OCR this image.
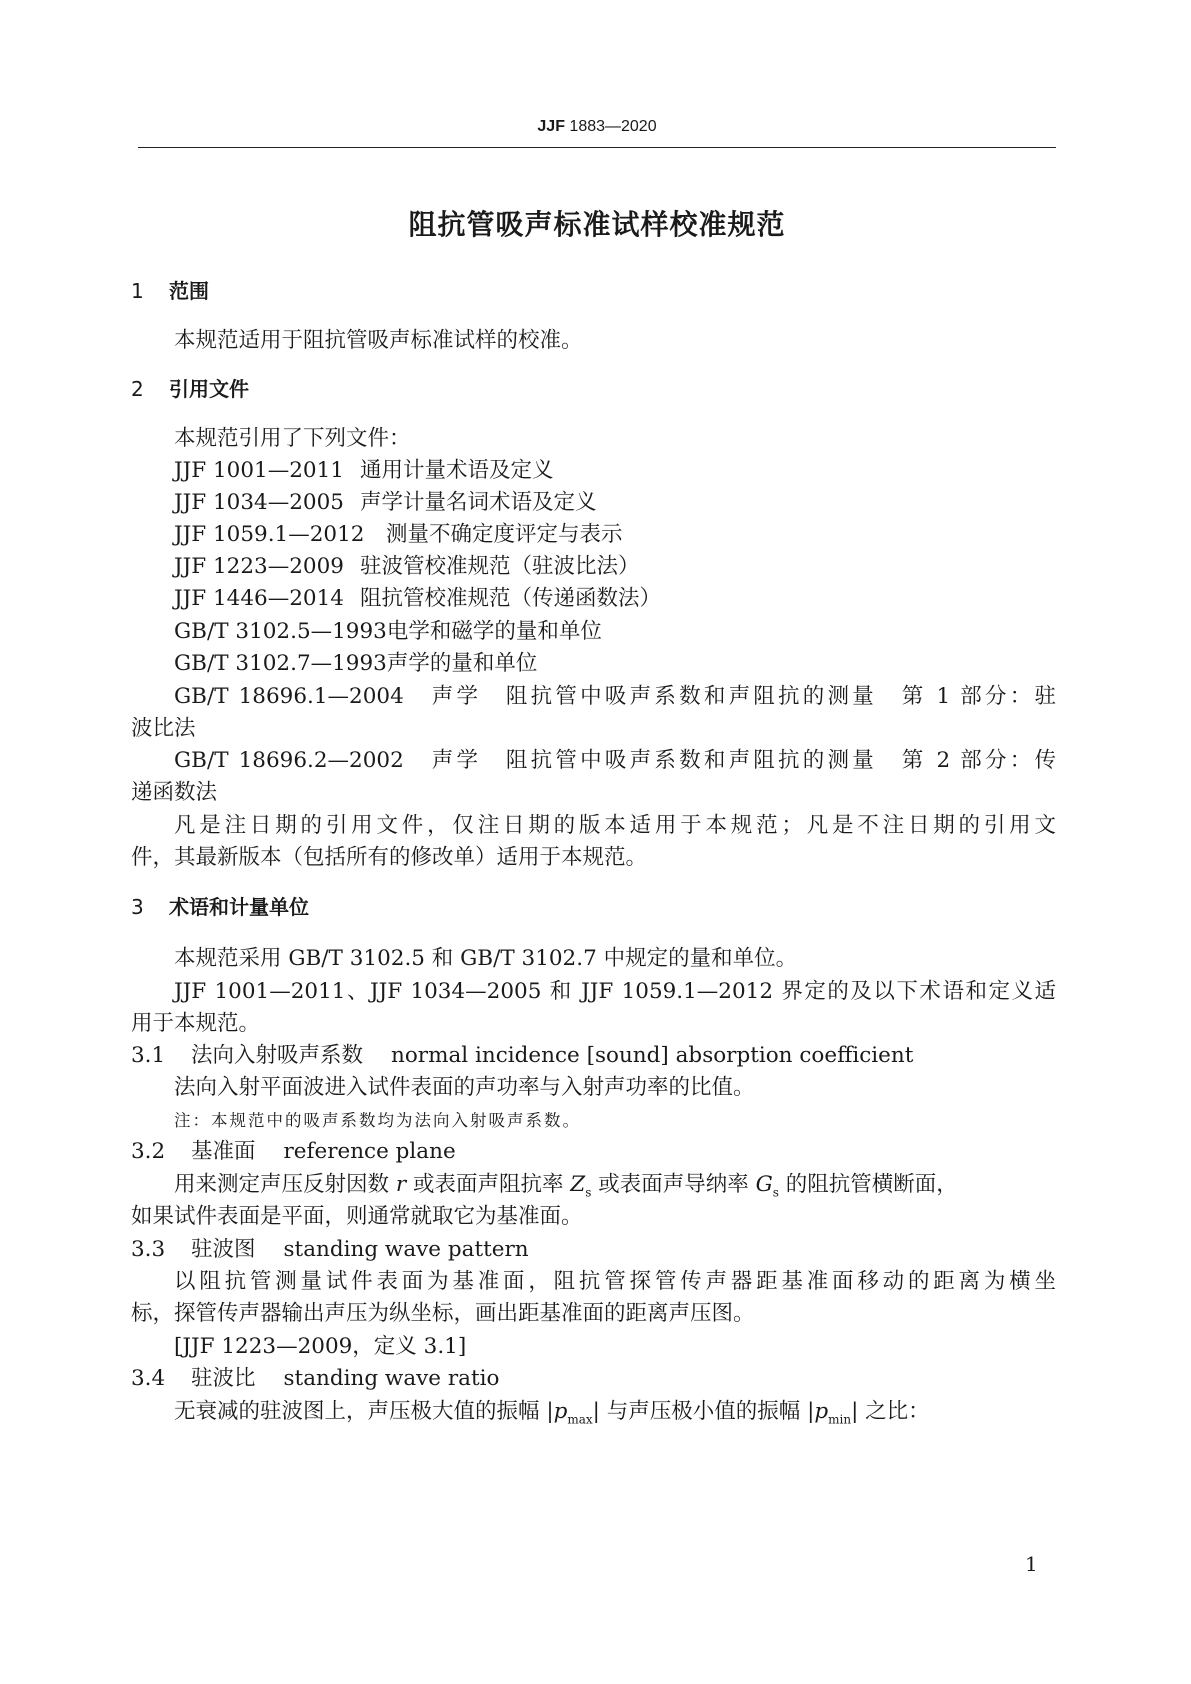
JJF 1883—2020
阻抗管吸声标准试样校准规范
1 范围
本规范适用于阻抗管吸声标准试样的校准。
2 引用文件
本规范引用了下列文件：
JJF 1001—2011 通用计量术语及定义
JJF 1034—2005 声学计量名词术语及定义
JJF 1059.1—2012 测量不确定度评定与表示
JJF 1223—2009 驻波管校准规范（驻波比法）
JJF 1446—2014 阻抗管校准规范（传递函数法）
GB/T 3102.5—1993电学和磁学的量和单位
GB/T 3102.7—1993声学的量和单位
GB/T 18696.1—2004　声学　阻抗管中吸声系数和声阻抗的测量　第 1 部分：驻
波比法
GB/T 18696.2—2002　声学　阻抗管中吸声系数和声阻抗的测量　第 2 部分：传
递函数法
凡是注日期的引用文件，仅注日期的版本适用于本规范；凡是不注日期的引用文
件，其最新版本（包括所有的修改单）适用于本规范。
3 术语和计量单位
本规范采用 GB/T 3102.5 和 GB/T 3102.7 中规定的量和单位。
JJF 1001—2011、JJF 1034—2005 和 JJF 1059.1—2012 界定的及以下术语和定义适
用于本规范。
3.1 法向入射吸声系数 normal incidence [sound] absorption coefficient
法向入射平面波进入试件表面的声功率与入射声功率的比值。
注：本规范中的吸声系数均为法向入射吸声系数。
3.2 基准面 reference plane
用来测定声压反射因数 r 或表面声阻抗率 $Z_s$ 或表面声导纳率 $G_s$ 的阻抗管横断面，
如果试件表面是平面，则通常就取它为基准面。
3.3 驻波图 standing wave pattern
以阻抗管测量试件表面为基准面，阻抗管探管传声器距基准面移动的距离为横坐
标，探管传声器输出声压为纵坐标，画出距基准面的距离声压图。
[JJF 1223—2009，定义 3.1]
3.4 驻波比 standing wave ratio
无衰减的驻波图上，声压极大值的振幅 $|p_{max}|$ 与声压极小值的振幅 $|p_{min}|$ 之比：
1
